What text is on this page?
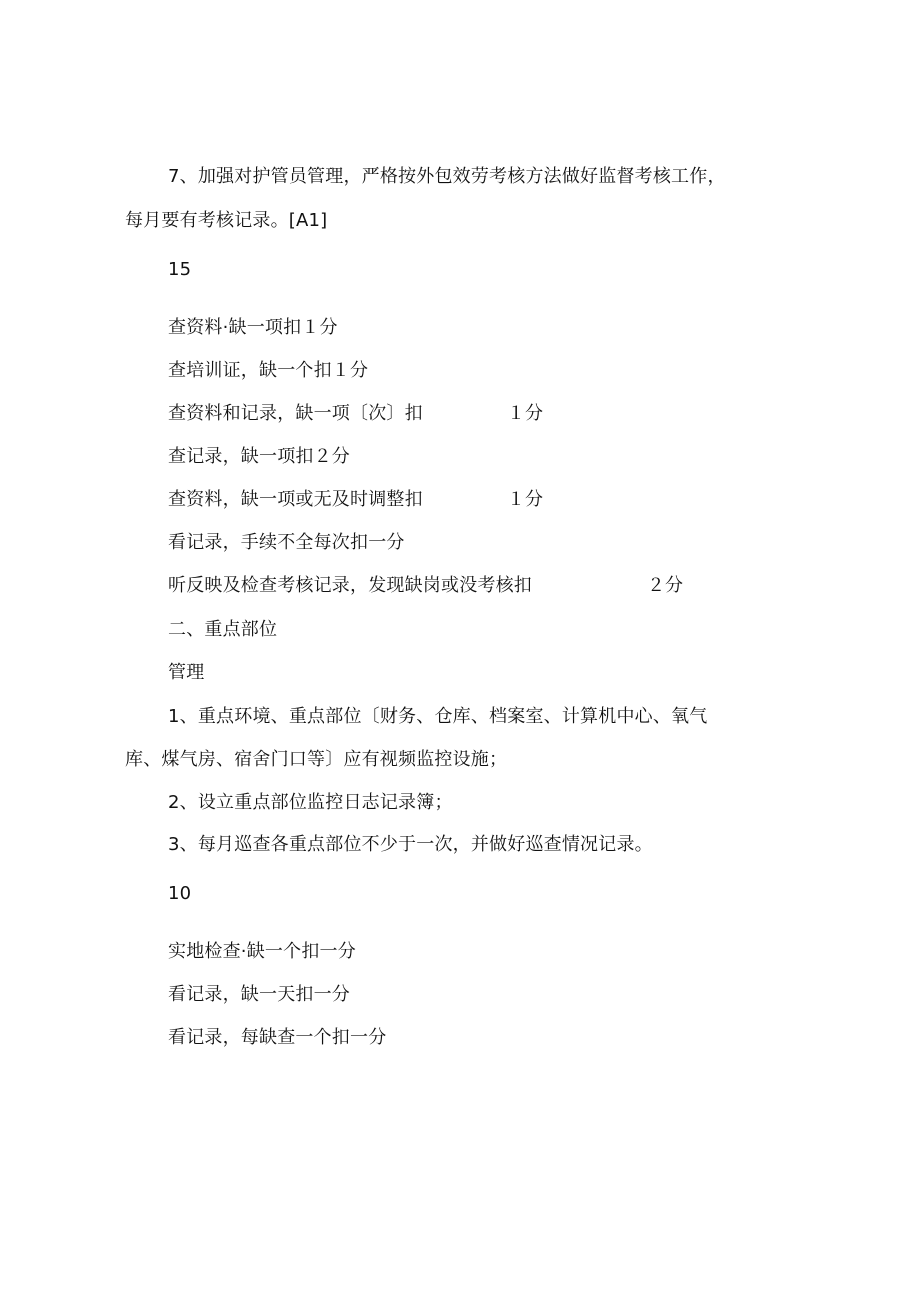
7、加强对护管员管理，严格按外包效劳考核方法做好监督考核工作，
每月要有考核记录。[A1]
15
查资料·缺一项扣１分
查培训证，缺一个扣１分
查资料和记录，缺一项〔次〕扣	１分
查记录，缺一项扣２分
查资料，缺一项或无及时调整扣	１分
看记录，手续不全每次扣一分
听反映及检查考核记录，发现缺岗或没考核扣	２分
二、重点部位
管理
1、重点环境、重点部位〔财务、仓库、档案室、计算机中心、氧气
库、煤气房、宿舍门口等〕应有视频监控设施；
2、设立重点部位监控日志记录簿；
3、每月巡查各重点部位不少于一次，并做好巡查情况记录。
10
实地检查·缺一个扣一分
看记录，缺一天扣一分
看记录，每缺查一个扣一分
